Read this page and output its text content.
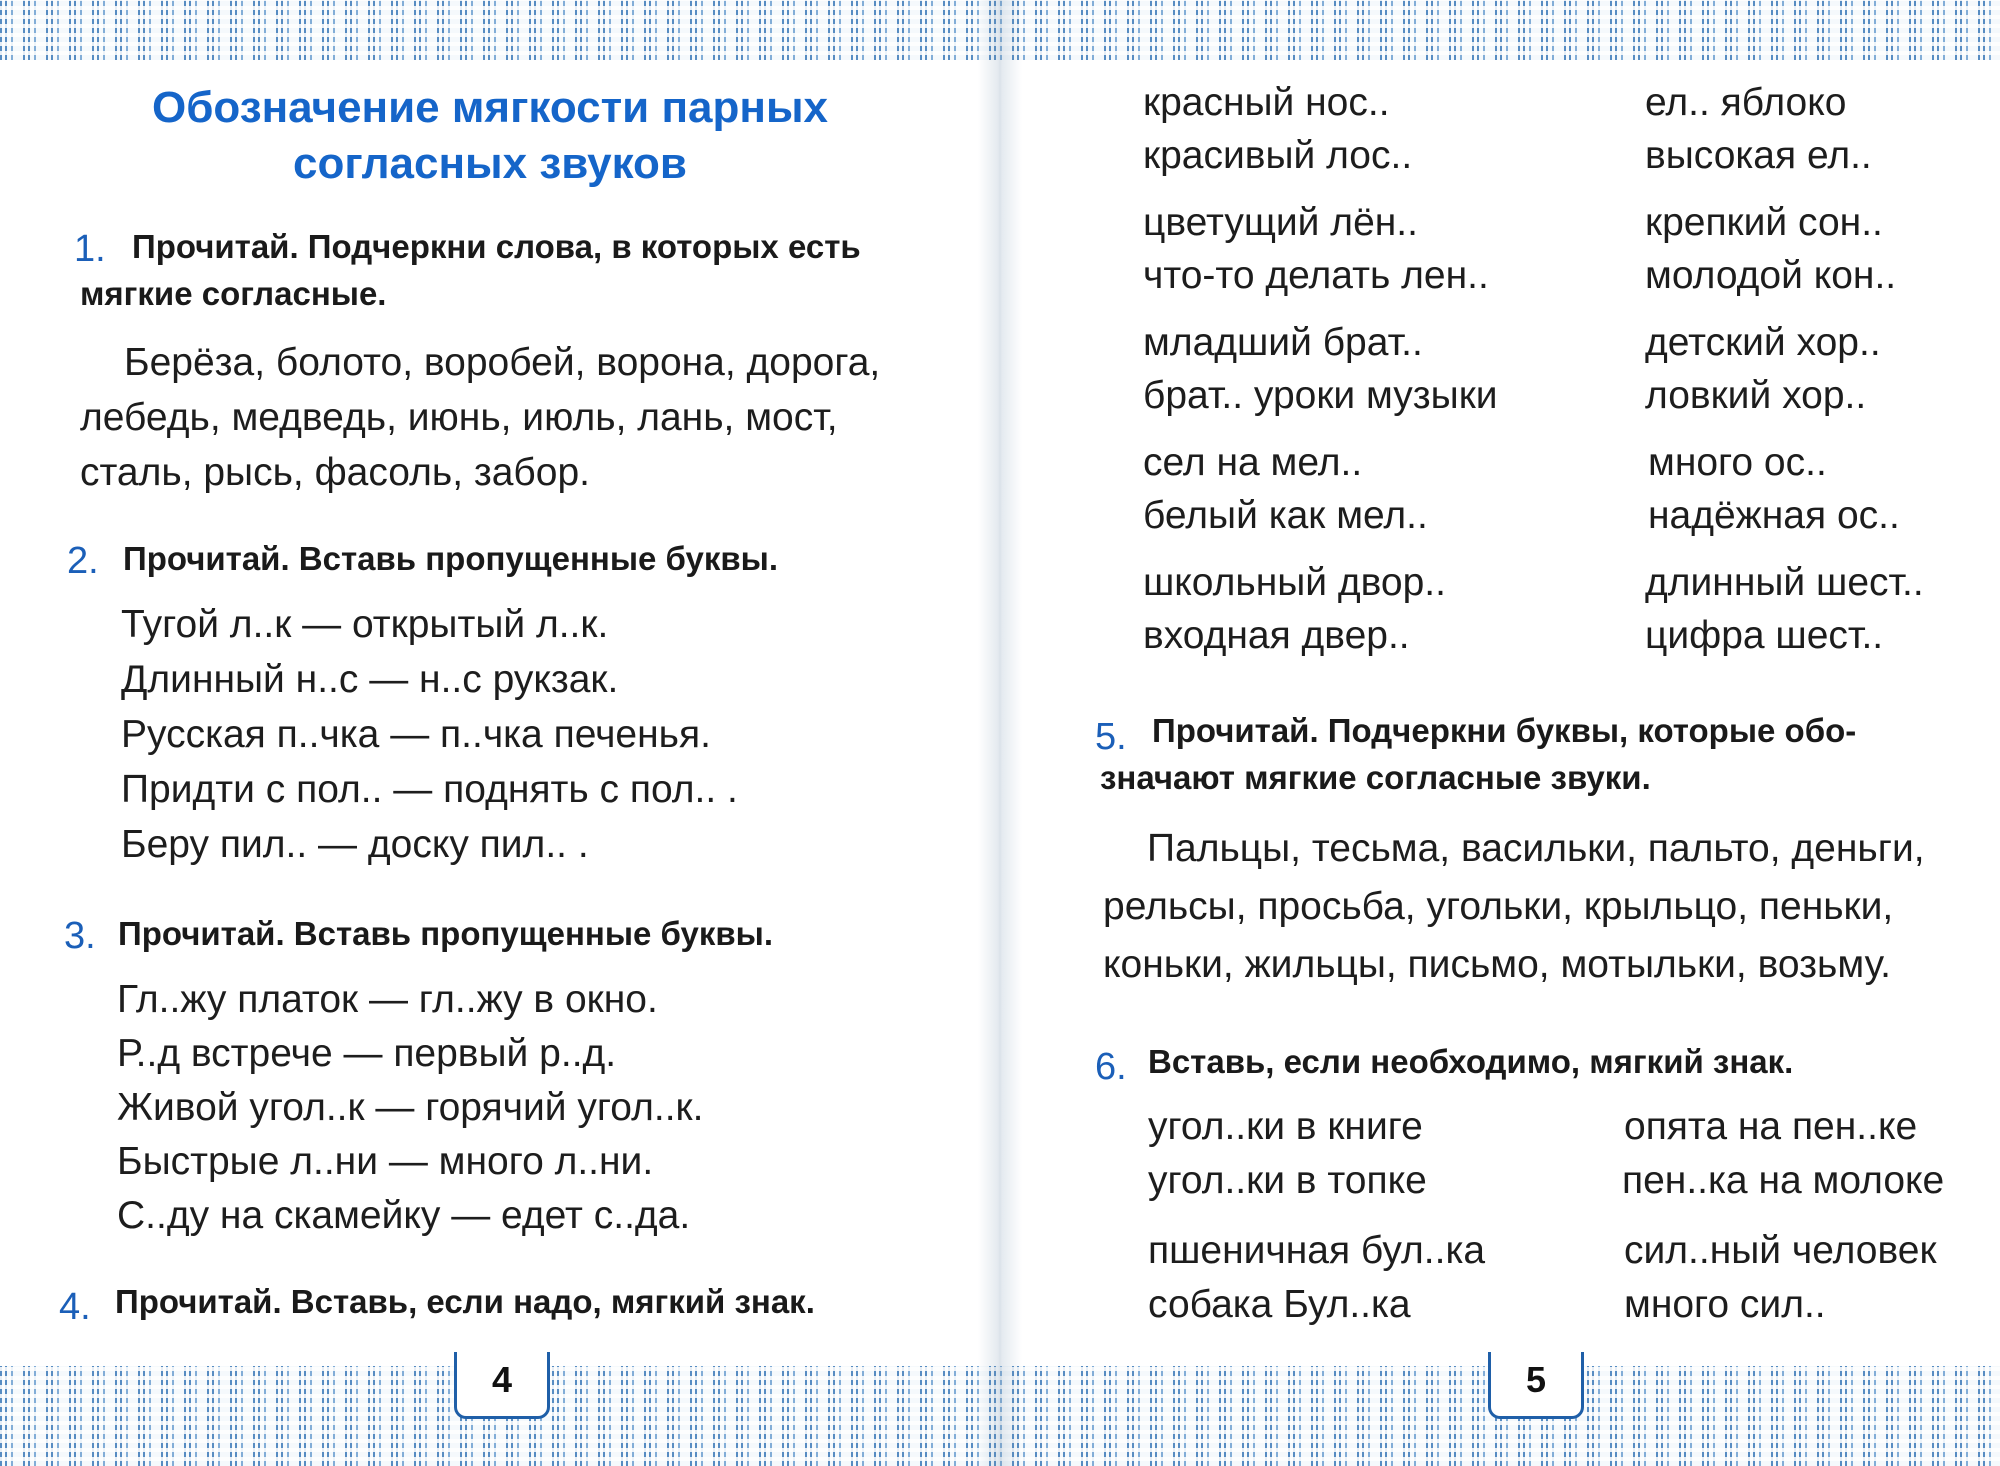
4	5
Обозначение мягкости парных
согласных звуков
1. Прочитай. Подчеркни слова, в которых есть
мягкие согласные.
Берёза, болото, воробей, ворона, дорога,
лебедь, медведь, июнь, июль, лань, мост,
сталь, рысь, фасоль, забор.
2. Прочитай. Вставь пропущенные буквы.
Тугой л..к — открытый л..к.
Длинный н..с — н..с рукзак.
Русская п..чка — п..чка печенья.
Придти с пол.. — поднять с пол.. .
Беру пил.. — доску пил.. .
3. Прочитай. Вставь пропущенные буквы.
Гл..жу платок — гл..жу в окно.
Р..д встрече — первый р..д.
Живой угол..к — горячий угол..к.
Быстрые л..ни — много л..ни.
С..ду на скамейку — едет с..да.
4. Прочитай. Вставь, если надо, мягкий знак.
красный нос..
красивый лос..
ел.. яблоко
высокая ел..
цветущий лён..
что-то делать лен..
крепкий сон..
молодой кон..
младший брат..
брат.. уроки музыки
детский хор..
ловкий хор..
сел на мел..
белый как мел..
много ос..
надёжная ос..
школьный двор..
входная двер..
длинный шест..
цифра шест..
5. Прочитай. Подчеркни буквы, которые обо-
значают мягкие согласные звуки.
Пальцы, тесьма, васильки, пальто, деньги,
рельсы, просьба, угольки, крыльцо, пеньки,
коньки, жильцы, письмо, мотыльки, возьму.
6. Вставь, если необходимо, мягкий знак.
угол..ки в книге
угол..ки в топке
опята на пен..ке
пен..ка на молоке
пшеничная бул..ка
собака Бул..ка
сил..ный человек
много сил..
